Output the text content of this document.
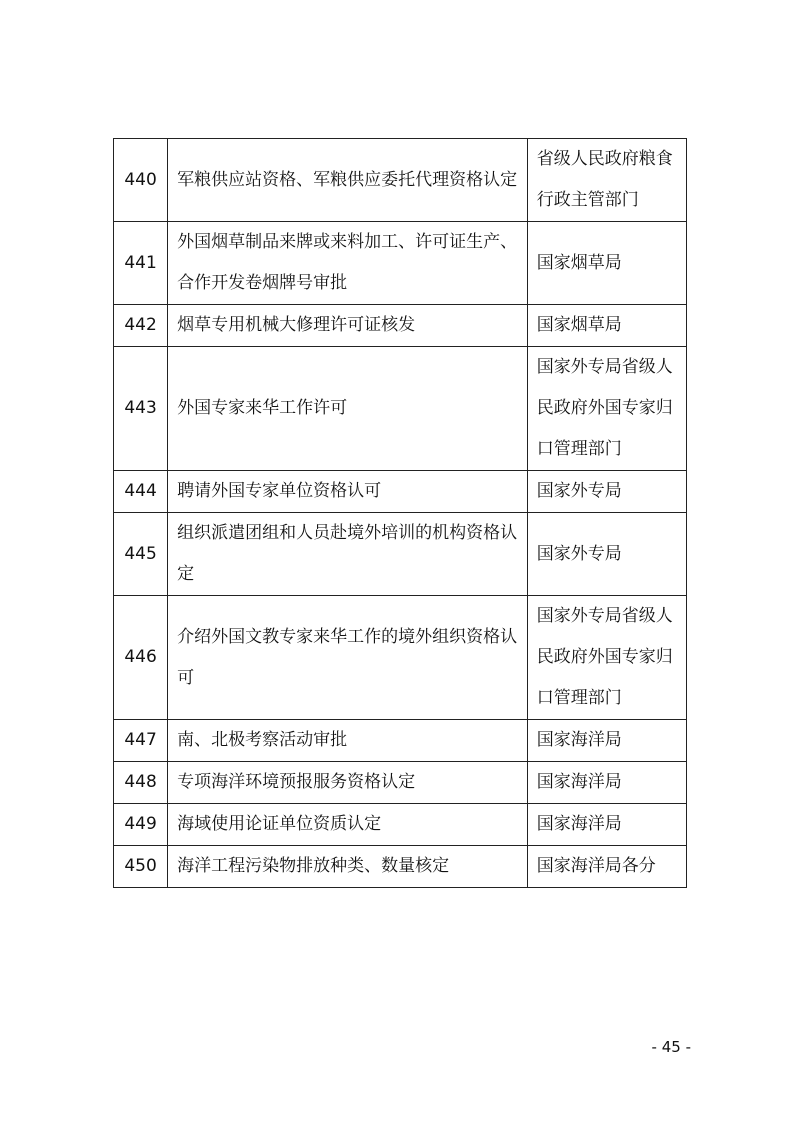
440	军粮供应站资格、军粮供应委托代理资格认定	省级人民政府粮食行政主管部门
441	外国烟草制品来牌或来料加工、许可证生产、合作开发卷烟牌号审批	国家烟草局
442	烟草专用机械大修理许可证核发	国家烟草局
443	外国专家来华工作许可	国家外专局省级人民政府外国专家归口管理部门
444	聘请外国专家单位资格认可	国家外专局
445	组织派遣团组和人员赴境外培训的机构资格认定	国家外专局
446	介绍外国文教专家来华工作的境外组织资格认可	国家外专局省级人民政府外国专家归口管理部门
447	南、北极考察活动审批	国家海洋局
448	专项海洋环境预报服务资格认定	国家海洋局
449	海域使用论证单位资质认定	国家海洋局
450	海洋工程污染物排放种类、数量核定	国家海洋局各分
- 45 -
